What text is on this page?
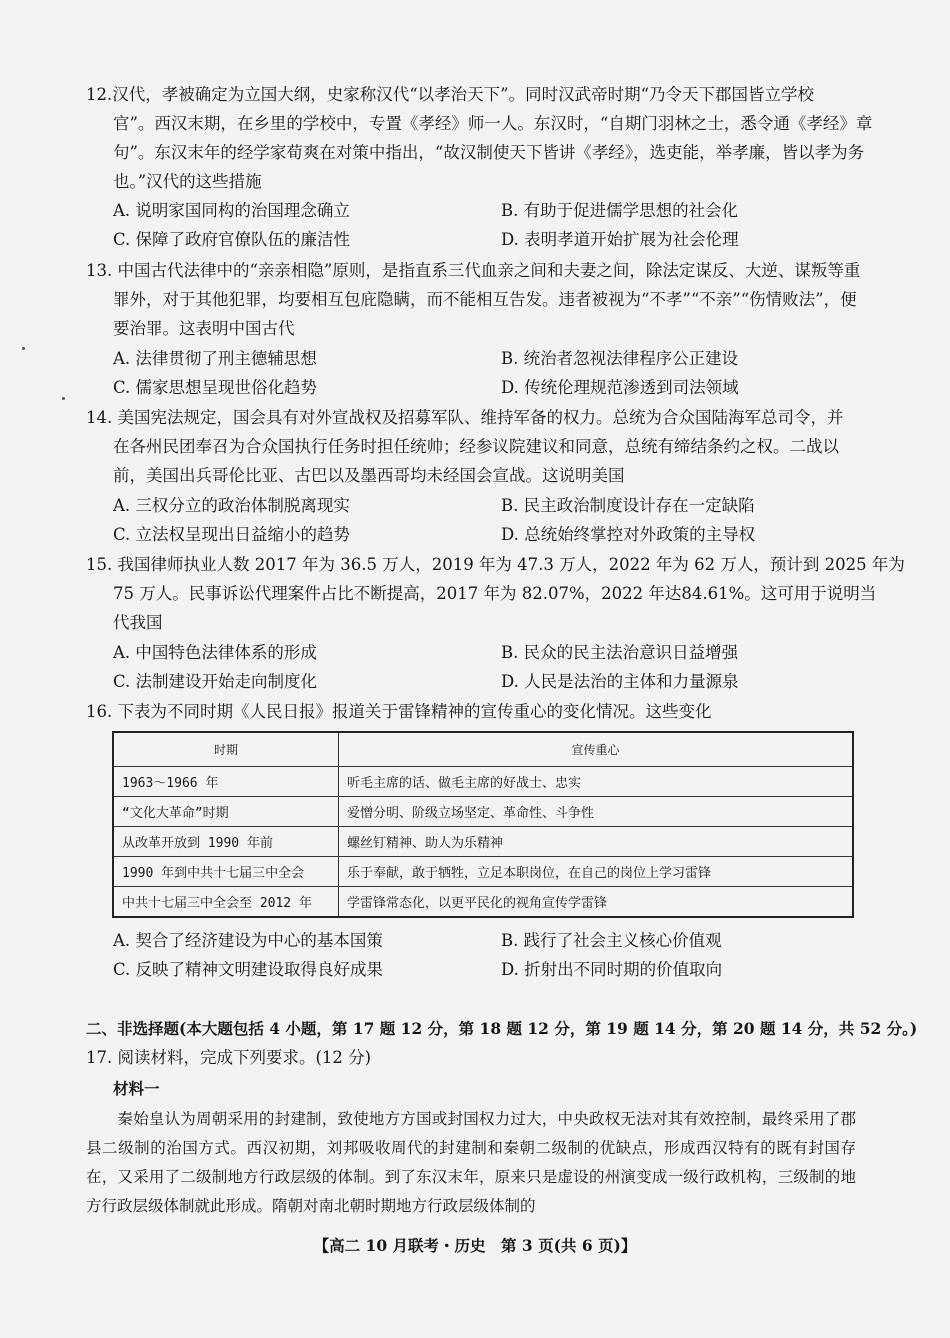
12.汉代，孝被确定为立国大纲，史家称汉代“以孝治天下”。同时汉武帝时期“乃令天下郡国皆立学校
官”。西汉末期，在乡里的学校中，专置《孝经》师一人。东汉时，“自期门羽林之士，悉令通《孝经》章
句”。东汉末年的经学家荀爽在对策中指出，“故汉制使天下皆讲《孝经》，选吏能，举孝廉，皆以孝为务
也。”汉代的这些措施
A. 说明家国同构的治国理念确立	B. 有助于促进儒学思想的社会化
C. 保障了政府官僚队伍的廉洁性	D. 表明孝道开始扩展为社会伦理
13. 中国古代法律中的“亲亲相隐”原则，是指直系三代血亲之间和夫妻之间，除法定谋反、大逆、谋叛等重
罪外，对于其他犯罪，均要相互包庇隐瞒，而不能相互告发。违者被视为“不孝”“不亲”“伤情败法”，便
要治罪。这表明中国古代
A. 法律贯彻了刑主德辅思想	B. 统治者忽视法律程序公正建设
C. 儒家思想呈现世俗化趋势	D. 传统伦理规范渗透到司法领域
14. 美国宪法规定，国会具有对外宣战权及招募军队、维持军备的权力。总统为合众国陆海军总司令，并
在各州民团奉召为合众国执行任务时担任统帅；经参议院建议和同意，总统有缔结条约之权。二战以
前，美国出兵哥伦比亚、古巴以及墨西哥均未经国会宣战。这说明美国
A. 三权分立的政治体制脱离现实	B. 民主政治制度设计存在一定缺陷
C. 立法权呈现出日益缩小的趋势	D. 总统始终掌控对外政策的主导权
15. 我国律师执业人数 2017 年为 36.5 万人，2019 年为 47.3 万人，2022 年为 62 万人，预计到 2025 年为
75 万人。民事诉讼代理案件占比不断提高，2017 年为 82.07%，2022 年达84.61%。这可用于说明当
代我国
A. 中国特色法律体系的形成	B. 民众的民主法治意识日益增强
C. 法制建设开始走向制度化	D. 人民是法治的主体和力量源泉
16. 下表为不同时期《人民日报》报道关于雷锋精神的宣传重心的变化情况。这些变化
时期	宣传重心
1963～1966 年	听毛主席的话、做毛主席的好战士、忠实
“文化大革命”时期	爱憎分明、阶级立场坚定、革命性、斗争性
从改革开放到 1990 年前	螺丝钉精神、助人为乐精神
1990 年到中共十七届三中全会	乐于奉献，敢于牺牲，立足本职岗位，在自己的岗位上学习雷锋
中共十七届三中全会至 2012 年	学雷锋常态化，以更平民化的视角宣传学雷锋
A. 契合了经济建设为中心的基本国策	B. 践行了社会主义核心价值观
C. 反映了精神文明建设取得良好成果	D. 折射出不同时期的价值取向
二、非选择题(本大题包括 4 小题，第 17 题 12 分，第 18 题 12 分，第 19 题 14 分，第 20 题 14 分，共 52 分。)
17. 阅读材料，完成下列要求。(12 分)
材料一
　　秦始皇认为周朝采用的封建制，致使地方方国或封国权力过大，中央政权无法对其有效控制，最终采用了郡县二级制的治国方式。西汉初期，刘邦吸收周代的封建制和秦朝二级制的优缺点，形成西汉特有的既有封国存在，又采用了二级制地方行政层级的体制。到了东汉末年，原来只是虚设的州演变成一级行政机构，三级制的地方行政层级体制就此形成。隋朝对南北朝时期地方行政层级体制的
【高二 10 月联考・历史　第 3 页(共 6 页)】
